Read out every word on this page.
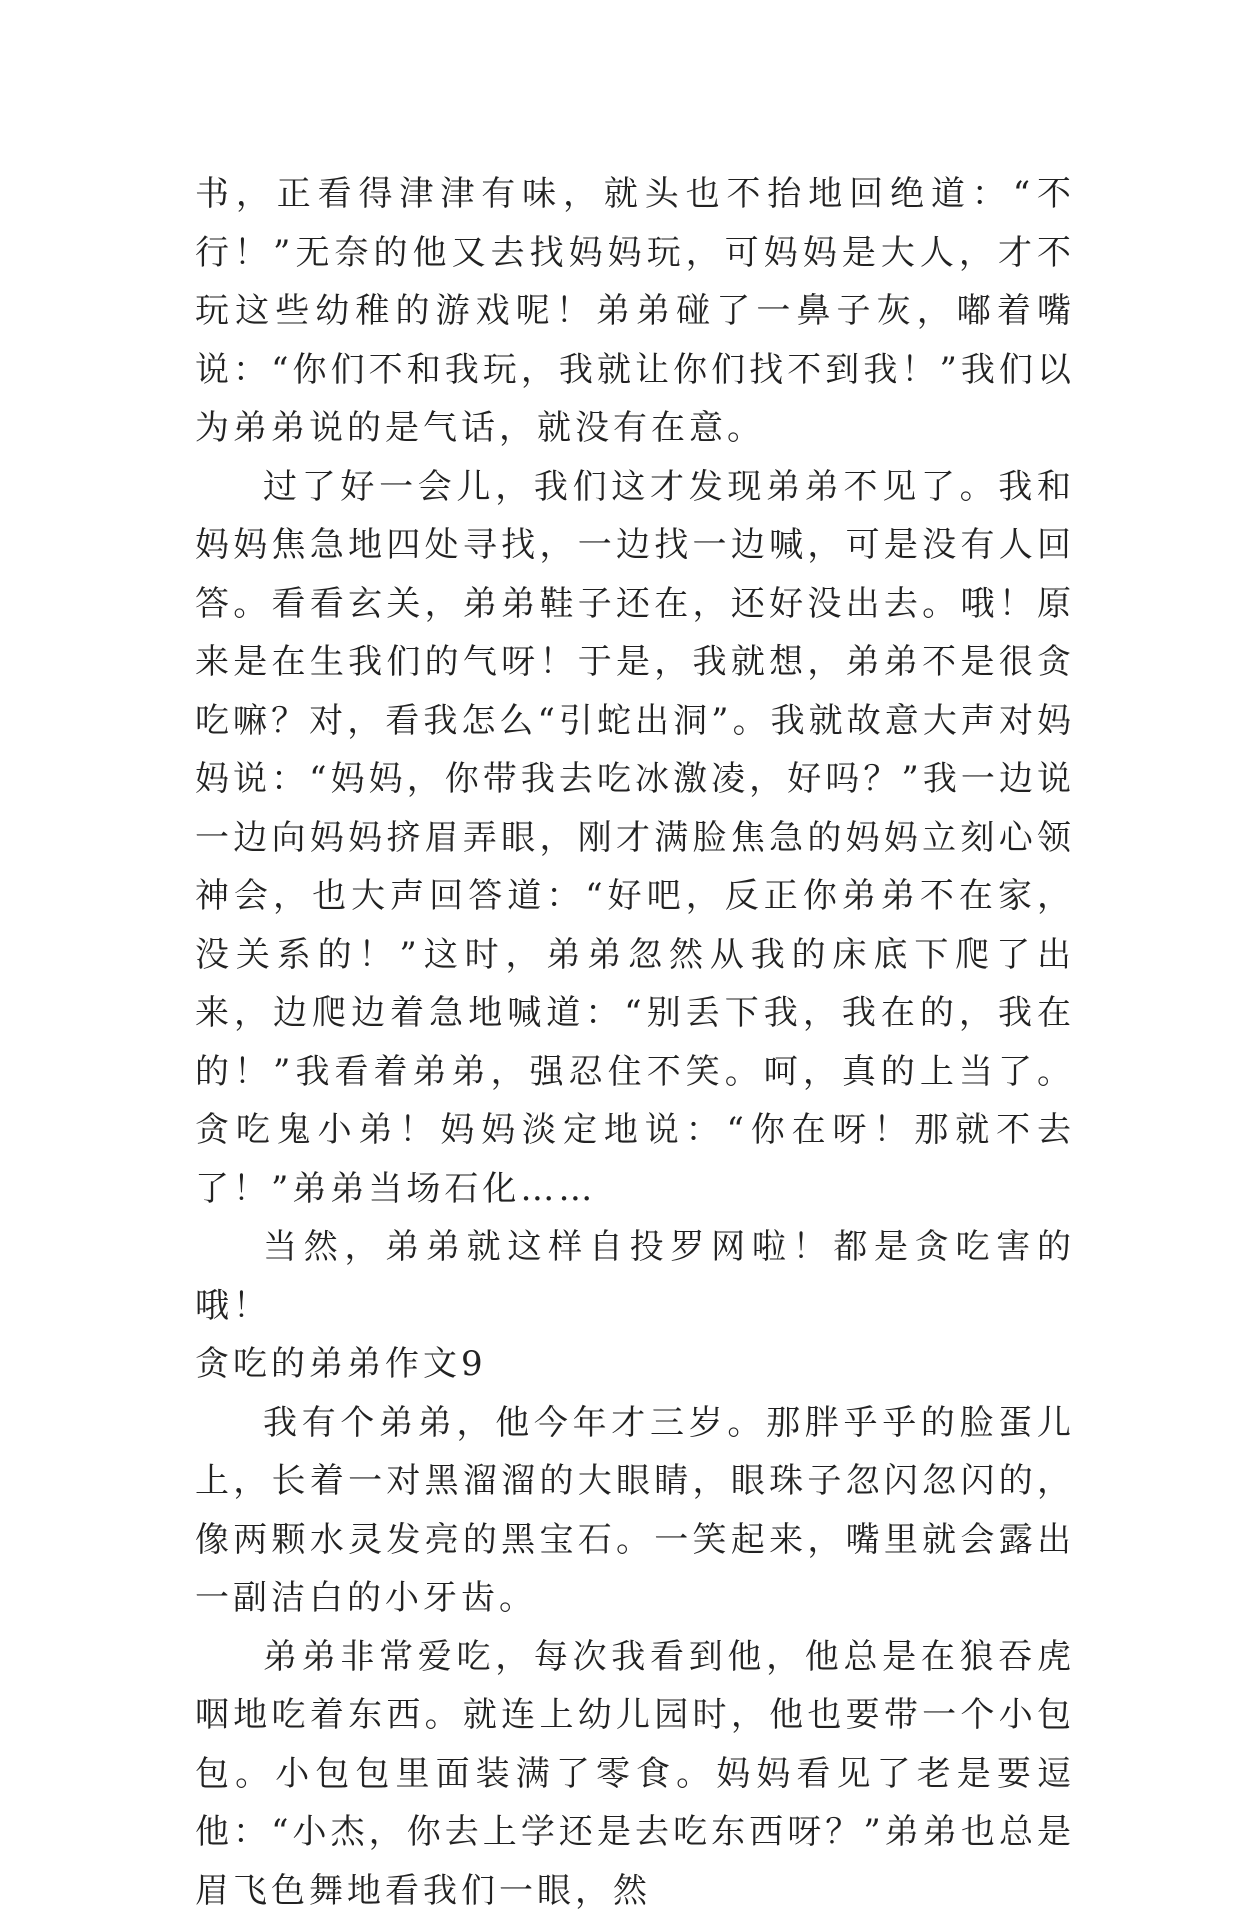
书，正看得津津有味，就头也不抬地回绝道：“不行！”无奈的他又去找妈妈玩，可妈妈是大人，才不玩这些幼稚的游戏呢！弟弟碰了一鼻子灰，嘟着嘴说：“你们不和我玩，我就让你们找不到我！”我们以为弟弟说的是气话，就没有在意。

过了好一会儿，我们这才发现弟弟不见了。我和妈妈焦急地四处寻找，一边找一边喊，可是没有人回答。看看玄关，弟弟鞋子还在，还好没出去。哦！原来是在生我们的气呀！于是，我就想，弟弟不是很贪吃嘛？对，看我怎么“引蛇出洞”。我就故意大声对妈妈说：“妈妈，你带我去吃冰激凌，好吗？”我一边说一边向妈妈挤眉弄眼，刚才满脸焦急的妈妈立刻心领神会，也大声回答道：“好吧，反正你弟弟不在家，没关系的！”这时，弟弟忽然从我的床底下爬了出来，边爬边着急地喊道：“别丢下我，我在的，我在的！”我看着弟弟，强忍住不笑。呵，真的上当了。贪吃鬼小弟！妈妈淡定地说：“你在呀！那就不去了！”弟弟当场石化……

当然，弟弟就这样自投罗网啦！都是贪吃害的哦！

贪吃的弟弟作文9

我有个弟弟，他今年才三岁。那胖乎乎的脸蛋儿上，长着一对黑溜溜的大眼睛，眼珠子忽闪忽闪的，像两颗水灵发亮的黑宝石。一笑起来，嘴里就会露出一副洁白的小牙齿。

弟弟非常爱吃，每次我看到他，他总是在狼吞虎咽地吃着东西。就连上幼儿园时，他也要带一个小包包。小包包里面装满了零食。妈妈看见了老是要逗他：“小杰，你去上学还是去吃东西呀？”弟弟也总是眉飞色舞地看我们一眼，然
